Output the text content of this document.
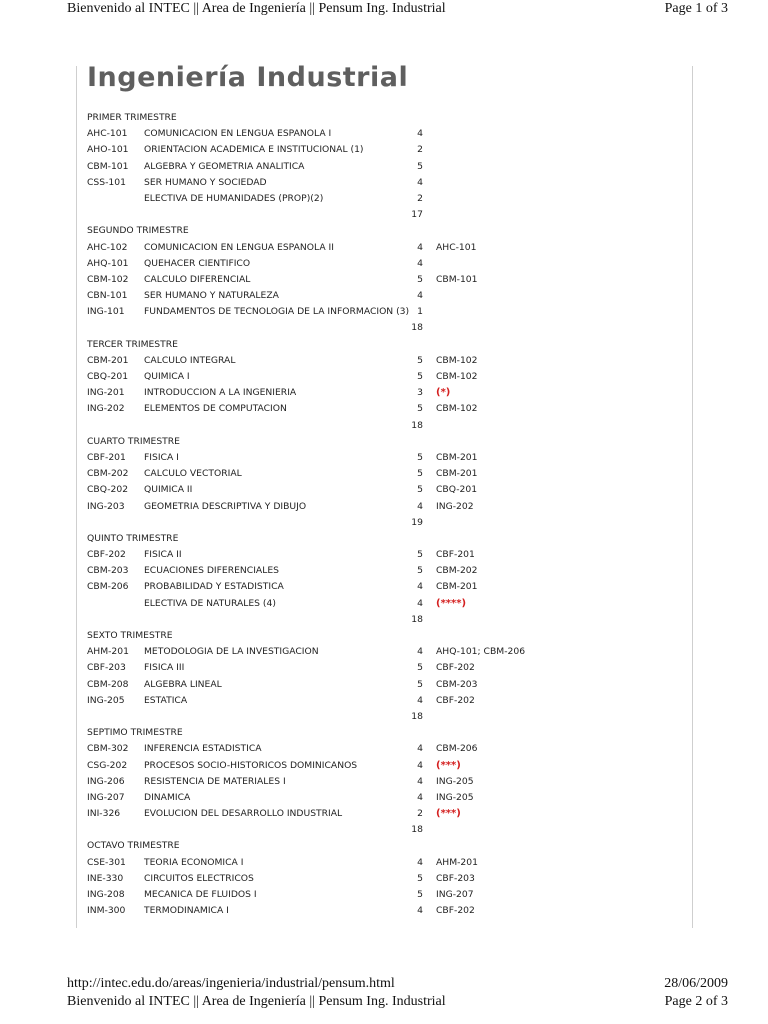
Bienvenido al INTEC || Area de Ingeniería || Pensum Ing. Industrial	Page 1 of 3
Ingeniería Industrial
PRIMER TRIMESTRE
AHC-101 COMUNICACION EN LENGUA ESPANOLA I	4
AHO-101 ORIENTACION ACADEMICA E INSTITUCIONAL (1)	2
CBM-101 ALGEBRA Y GEOMETRIA ANALITICA	5
CSS-101 SER HUMANO Y SOCIEDAD	4
ELECTIVA DE HUMANIDADES (PROP)(2)	2
17
SEGUNDO TRIMESTRE
AHC-102 COMUNICACION EN LENGUA ESPANOLA II	4 AHC-101
AHQ-101 QUEHACER CIENTIFICO	4
CBM-102 CALCULO DIFERENCIAL	5 CBM-101
CBN-101 SER HUMANO Y NATURALEZA	4
ING-101 FUNDAMENTOS DE TECNOLOGIA DE LA INFORMACION (3) 1
18
TERCER TRIMESTRE
CBM-201 CALCULO INTEGRAL	5 CBM-102
CBQ-201 QUIMICA I	5 CBM-102
ING-201 INTRODUCCION A LA INGENIERIA	3 (*)
ING-202 ELEMENTOS DE COMPUTACION	5 CBM-102
18
CUARTO TRIMESTRE
CBF-201 FISICA I	5 CBM-201
CBM-202 CALCULO VECTORIAL	5 CBM-201
CBQ-202 QUIMICA II	5 CBQ-201
ING-203 GEOMETRIA DESCRIPTIVA Y DIBUJO	4 ING-202
19
QUINTO TRIMESTRE
CBF-202 FISICA II	5 CBF-201
CBM-203 ECUACIONES DIFERENCIALES	5 CBM-202
CBM-206 PROBABILIDAD Y ESTADISTICA	4 CBM-201
ELECTIVA DE NATURALES (4)	4 (****)
18
SEXTO TRIMESTRE
AHM-201 METODOLOGIA DE LA INVESTIGACION	4 AHQ-101; CBM-206
CBF-203 FISICA III	5 CBF-202
CBM-208 ALGEBRA LINEAL	5 CBM-203
ING-205 ESTATICA	4 CBF-202
18
SEPTIMO TRIMESTRE
CBM-302 INFERENCIA ESTADISTICA	4 CBM-206
CSG-202 PROCESOS SOCIO-HISTORICOS DOMINICANOS	4 (***)
ING-206 RESISTENCIA DE MATERIALES I	4 ING-205
ING-207 DINAMICA	4 ING-205
INI-326	EVOLUCION DEL DESARROLLO INDUSTRIAL	2 (***)
18
OCTAVO TRIMESTRE
CSE-301 TEORIA ECONOMICA I	4 AHM-201
INE-330 CIRCUITOS ELECTRICOS	5 CBF-203
ING-208 MECANICA DE FLUIDOS I	5 ING-207
INM-300 TERMODINAMICA I	4 CBF-202
http://intec.edu.do/areas/ingenieria/industrial/pensum.html	28/06/2009
Bienvenido al INTEC || Area de Ingeniería || Pensum Ing. Industrial	Page 2 of 3
